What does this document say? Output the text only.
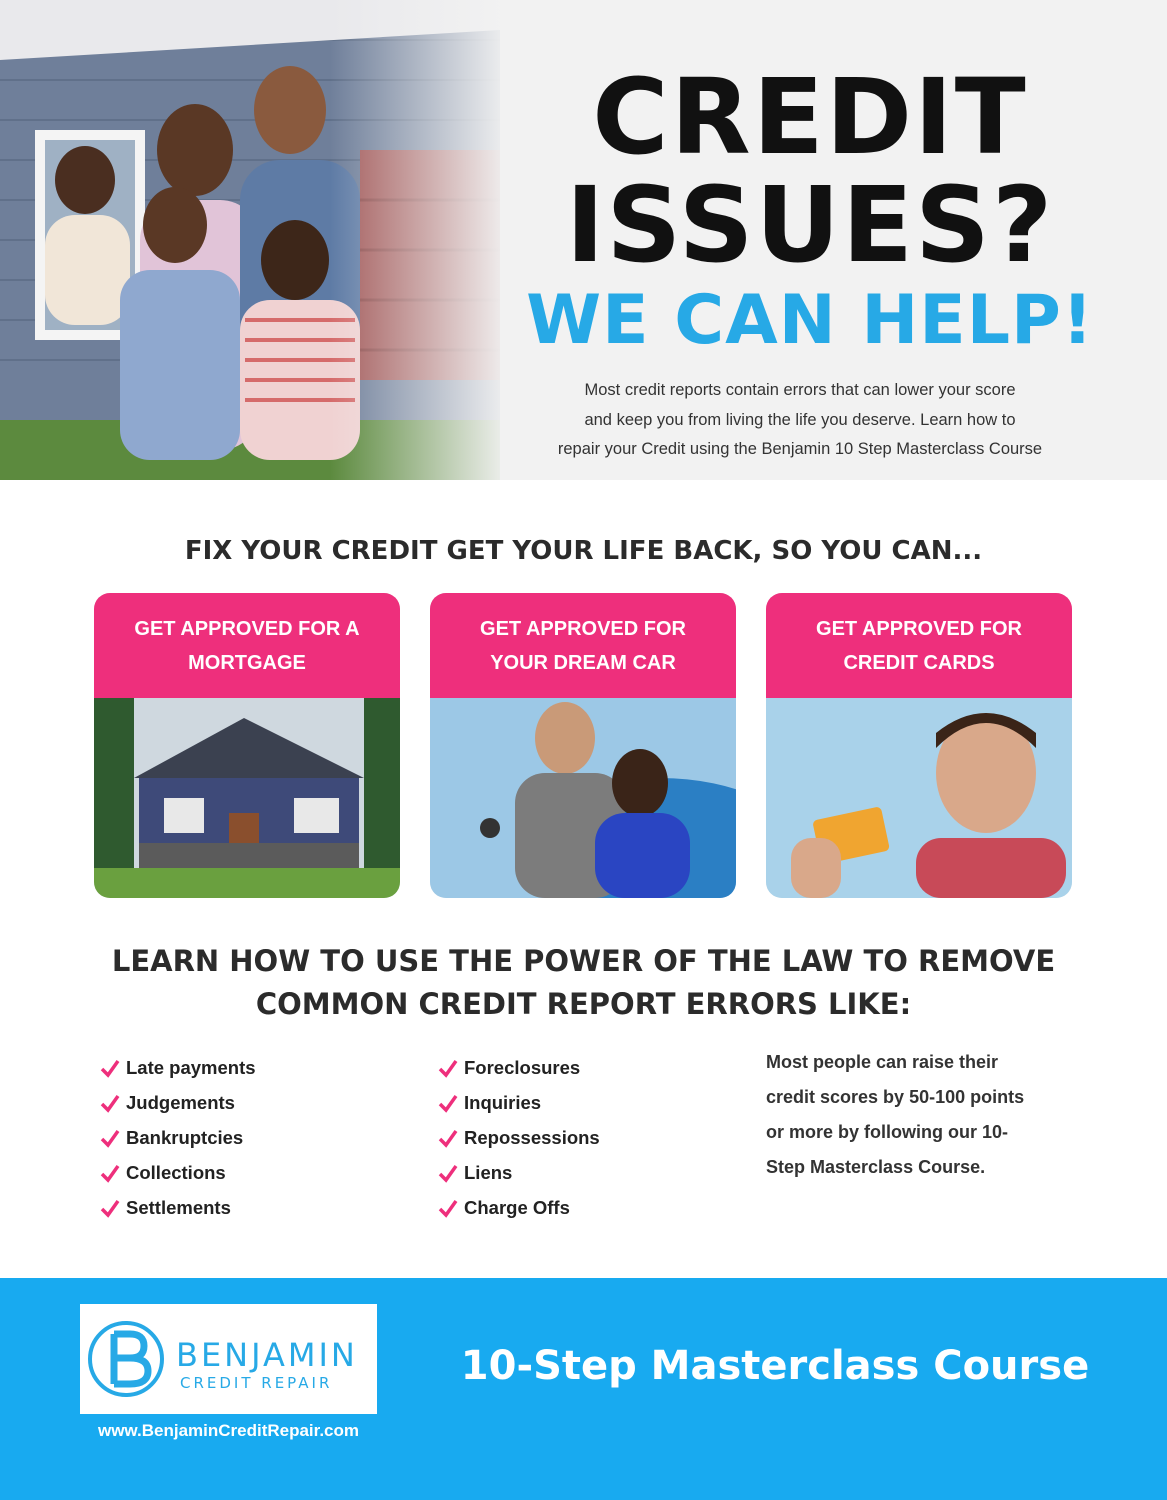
CREDIT
ISSUES?
WE CAN HELP!

Most credit reports contain errors that can lower your score
and keep you from living the life you deserve. Learn how to
repair your Credit using the Benjamin 10 Step Masterclass Course

FIX YOUR CREDIT GET YOUR LIFE BACK, SO YOU CAN...
GET APPROVED FOR A MORTGAGE
GET APPROVED FOR YOUR DREAM CAR
GET APPROVED FOR CREDIT CARDS
LEARN HOW TO USE THE POWER OF THE LAW TO REMOVE
COMMON CREDIT REPORT ERRORS LIKE:
Late payments
Judgements
Bankruptcies
Collections
Settlements
Foreclosures
Inquiries
Repossessions
Liens
Charge Offs

Most people can raise their
credit scores by 50-100 points
or more by following our 10-
Step Masterclass Course.

BENJAMIN
CREDIT REPAIR

www.BenjaminCreditRepair.com

10-Step Masterclass Course
